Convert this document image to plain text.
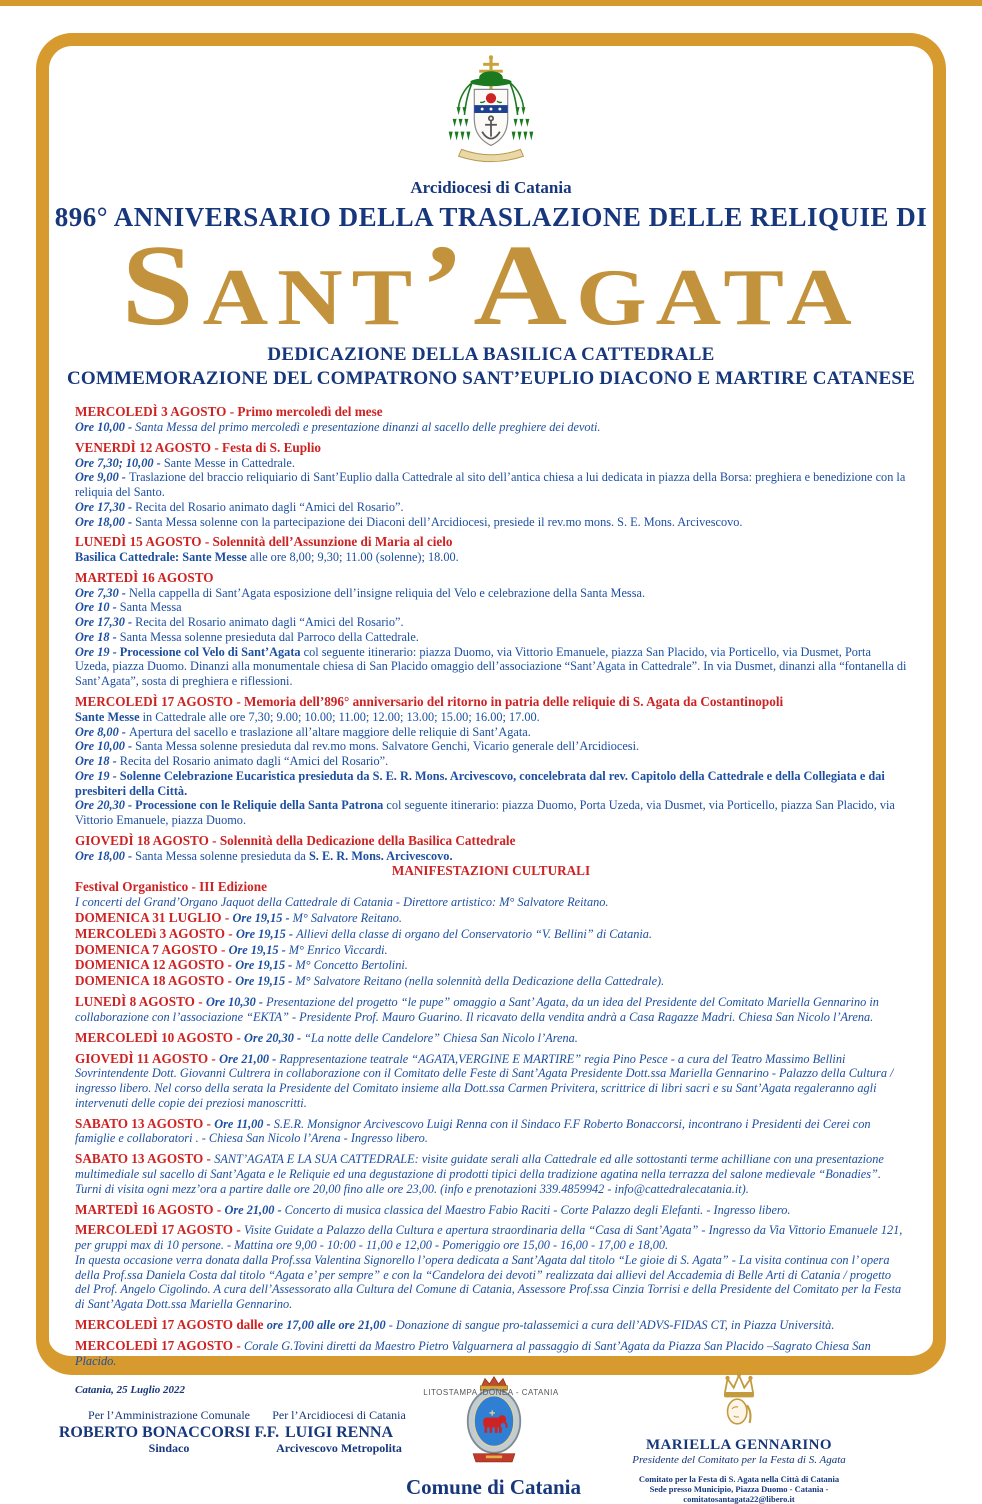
Arcidiocesi di Catania
896° ANNIVERSARIO DELLA TRASLAZIONE DELLE RELIQUIE DI
Sant’Agata
DEDICAZIONE DELLA BASILICA CATTEDRALE
COMMEMORAZIONE DEL COMPATRONO SANT’EUPLIO DIACONO E MARTIRE CATANESE

MERCOLEDÌ 3 AGOSTO - Primo mercoledì del mese

Ore 10,00 - Santa Messa del primo mercoledì e presentazione dinanzi al sacello delle preghiere dei devoti.

VENERDÌ 12 AGOSTO - Festa di S. Euplio

Ore 7,30; 10,00 - Sante Messe in Cattedrale.

Ore 9,00 - Traslazione del braccio reliquiario di Sant’Euplio dalla Cattedrale al sito dell’antica chiesa a lui dedicata in piazza della Borsa: preghiera e benedizione con la reliquia del Santo.

Ore 17,30 - Recita del Rosario animato dagli “Amici del Rosario”.

Ore 18,00 - Santa Messa solenne con la partecipazione dei Diaconi dell’Arcidiocesi, presiede il rev.mo mons. S. E. Mons. Arcivescovo.

LUNEDÌ 15 AGOSTO - Solennità dell’Assunzione di Maria al cielo

Basilica Cattedrale: Sante Messe alle ore 8,00; 9,30; 11.00 (solenne); 18.00.

MARTEDÌ 16 AGOSTO

Ore 7,30 - Nella cappella di Sant’Agata esposizione dell’insigne reliquia del Velo e celebrazione della Santa Messa.

Ore 10 - Santa Messa

Ore 17,30 - Recita del Rosario animato dagli “Amici del Rosario”.

Ore 18 - Santa Messa solenne presieduta dal Parroco della Cattedrale.

Ore 19 - Processione col Velo di Sant’Agata col seguente itinerario: piazza Duomo, via Vittorio Emanuele, piazza San Placido, via Porticello, via Dusmet, Porta Uzeda, piazza Duomo. Dinanzi alla monumentale chiesa di San Placido omaggio dell’associazione “Sant’Agata in Cattedrale”. In via Dusmet, dinanzi alla “fontanella di Sant’Agata”, sosta di preghiera e riflessioni.

MERCOLEDÌ 17 AGOSTO - Memoria dell’896° anniversario del ritorno in patria delle reliquie di S. Agata da Costantinopoli

Sante Messe in Cattedrale alle ore 7,30; 9.00; 10.00; 11.00; 12.00; 13.00; 15.00; 16.00; 17.00.

Ore 8,00 - Apertura del sacello e traslazione all’altare maggiore delle reliquie di Sant’Agata.

Ore 10,00 - Santa Messa solenne presieduta dal rev.mo mons. Salvatore Genchi, Vicario generale dell’Arcidiocesi.

Ore 18 - Recita del Rosario animato dagli “Amici del Rosario”.

Ore 19 - Solenne Celebrazione Eucaristica presieduta da S. E. R. Mons. Arcivescovo, concelebrata dal rev. Capitolo della Cattedrale e della Collegiata e dai presbiteri della Città.

Ore 20,30 - Processione con le Reliquie della Santa Patrona col seguente itinerario: piazza Duomo, Porta Uzeda, via Dusmet, via Porticello, piazza San Placido, via Vittorio Emanuele, piazza Duomo.

GIOVEDÌ 18 AGOSTO - Solennità della Dedicazione della Basilica Cattedrale

Ore 18,00 - Santa Messa solenne presieduta da S. E. R. Mons. Arcivescovo.

MANIFESTAZIONI CULTURALI

Festival Organistico - III Edizione

I concerti del Grand’Organo Jaquot della Cattedrale di Catania - Direttore artistico: M° Salvatore Reitano.

DOMENICA 31 LUGLIO - Ore 19,15 - M° Salvatore Reitano.

MERCOLEDì 3 AGOSTO - Ore 19,15 - Allievi della classe di organo del Conservatorio “V. Bellini” di Catania.

DOMENICA 7 AGOSTO - Ore 19,15 - M° Enrico Viccardi.

DOMENICA 12 AGOSTO - Ore 19,15 - M° Concetto Bertolini.

DOMENICA 18 AGOSTO - Ore 19,15 - M° Salvatore Reitano (nella solennità della Dedicazione della Cattedrale).

LUNEDÌ 8 AGOSTO - Ore 10,30 - Presentazione del progetto “le pupe” omaggio a Sant’ Agata, da un idea del Presidente del Comitato Mariella Gennarino in collaborazione con l’associazione “EKTA” - Presidente Prof. Mauro Guarino. Il ricavato della vendita andrà a Casa Ragazze Madri. Chiesa San Nicolo l’Arena.

MERCOLEDÌ 10 AGOSTO - Ore 20,30 - “La notte delle Candelore” Chiesa San Nicolo l’Arena.

GIOVEDÌ 11 AGOSTO - Ore 21,00 - Rappresentazione teatrale “AGATA,VERGINE E MARTIRE” regia Pino Pesce - a cura del Teatro Massimo Bellini Sovrintendente Dott. Giovanni Cultrera in collaborazione con il Comitato delle Feste di Sant’Agata Presidente Dott.ssa Mariella Gennarino - Palazzo della Cultura / ingresso libero. Nel corso della serata la Presidente del Comitato insieme alla Dott.ssa Carmen Privitera, scrittrice di libri sacri e su Sant’Agata regaleranno agli intervenuti delle copie dei preziosi manoscritti.

SABATO 13 AGOSTO - Ore 11,00 - S.E.R. Monsignor Arcivescovo Luigi Renna con il Sindaco F.F Roberto Bonaccorsi, incontrano i Presidenti dei Cerei con famiglie e collaboratori . - Chiesa San Nicolo l’Arena - Ingresso libero.

SABATO 13 AGOSTO - SANT’AGATA E LA SUA CATTEDRALE: visite guidate serali alla Cattedrale ed alle sottostanti terme achilliane con una presentazione multimediale sul sacello di Sant’Agata e le Reliquie ed una degustazione di prodotti tipici della tradizione agatina nella terrazza del salone medievale “Bonadies”. Turni di visita ogni mezz’ora a partire dalle ore 20,00 fino alle ore 23,00. (info e prenotazioni 339.4859942 - info@cattedralecatania.it).

MARTEDÌ 16 AGOSTO - Ore 21,00 - Concerto di musica classica del Maestro Fabio Raciti - Corte Palazzo degli Elefanti. - Ingresso libero.

MERCOLEDÌ 17 AGOSTO - Visite Guidate a Palazzo della Cultura e apertura straordinaria della “Casa di Sant’Agata” - Ingresso da Via Vittorio Emanuele 121, per gruppi max di 10 persone. - Mattina ore 9,00 - 10:00 - 11,00 e 12,00 - Pomeriggio ore 15,00 - 16,00 - 17,00 e 18,00.

In questa occasione verra donata dalla Prof.ssa Valentina Signorello l’opera dedicata a Sant’Agata dal titolo “Le gioie di S. Agata” - La visita continua con l’ opera della Prof.ssa Daniela Costa dal titolo “Agata e’ per sempre” e con la “Candelora dei devoti” realizzata dai allievi del Accademia di Belle Arti di Catania / progetto del Prof. Angelo Cigolindo. A cura dell’Assessorato alla Cultura del Comune di Catania, Assessore Prof.ssa Cinzia Torrisi e della Presidente del Comitato per la Festa di Sant’Agata Dott.ssa Mariella Gennarino.

MERCOLEDÌ 17 AGOSTO dalle ore 17,00 alle ore 21,00 - Donazione di sangue pro-talassemici a cura dell’ADVS-FIDAS CT, in Piazza Università.

MERCOLEDÌ 17 AGOSTO - Corale G.Tovini diretti da Maestro Pietro Valguarnera al passaggio di Sant’Agata da Piazza San Placido –Sagrato Chiesa San Placido.

Catania, 25 Luglio 2022
Per l’Amministrazione Comunale
ROBERTO BONACCORSI F.F.
Sindaco
Per l’Arcidiocesi di Catania
LUIGI RENNA
Arcivescovo Metropolita
Comune di Catania
MARIELLA GENNARINO
Presidente del Comitato per la Festa di S. Agata
Comitato per la Festa di S. Agata nella Città di Catania
Sede presso Municipio, Piazza Duomo - Catania - comitatosantagata22@libero.it
LITOSTAMPA IDONEA - CATANIA
